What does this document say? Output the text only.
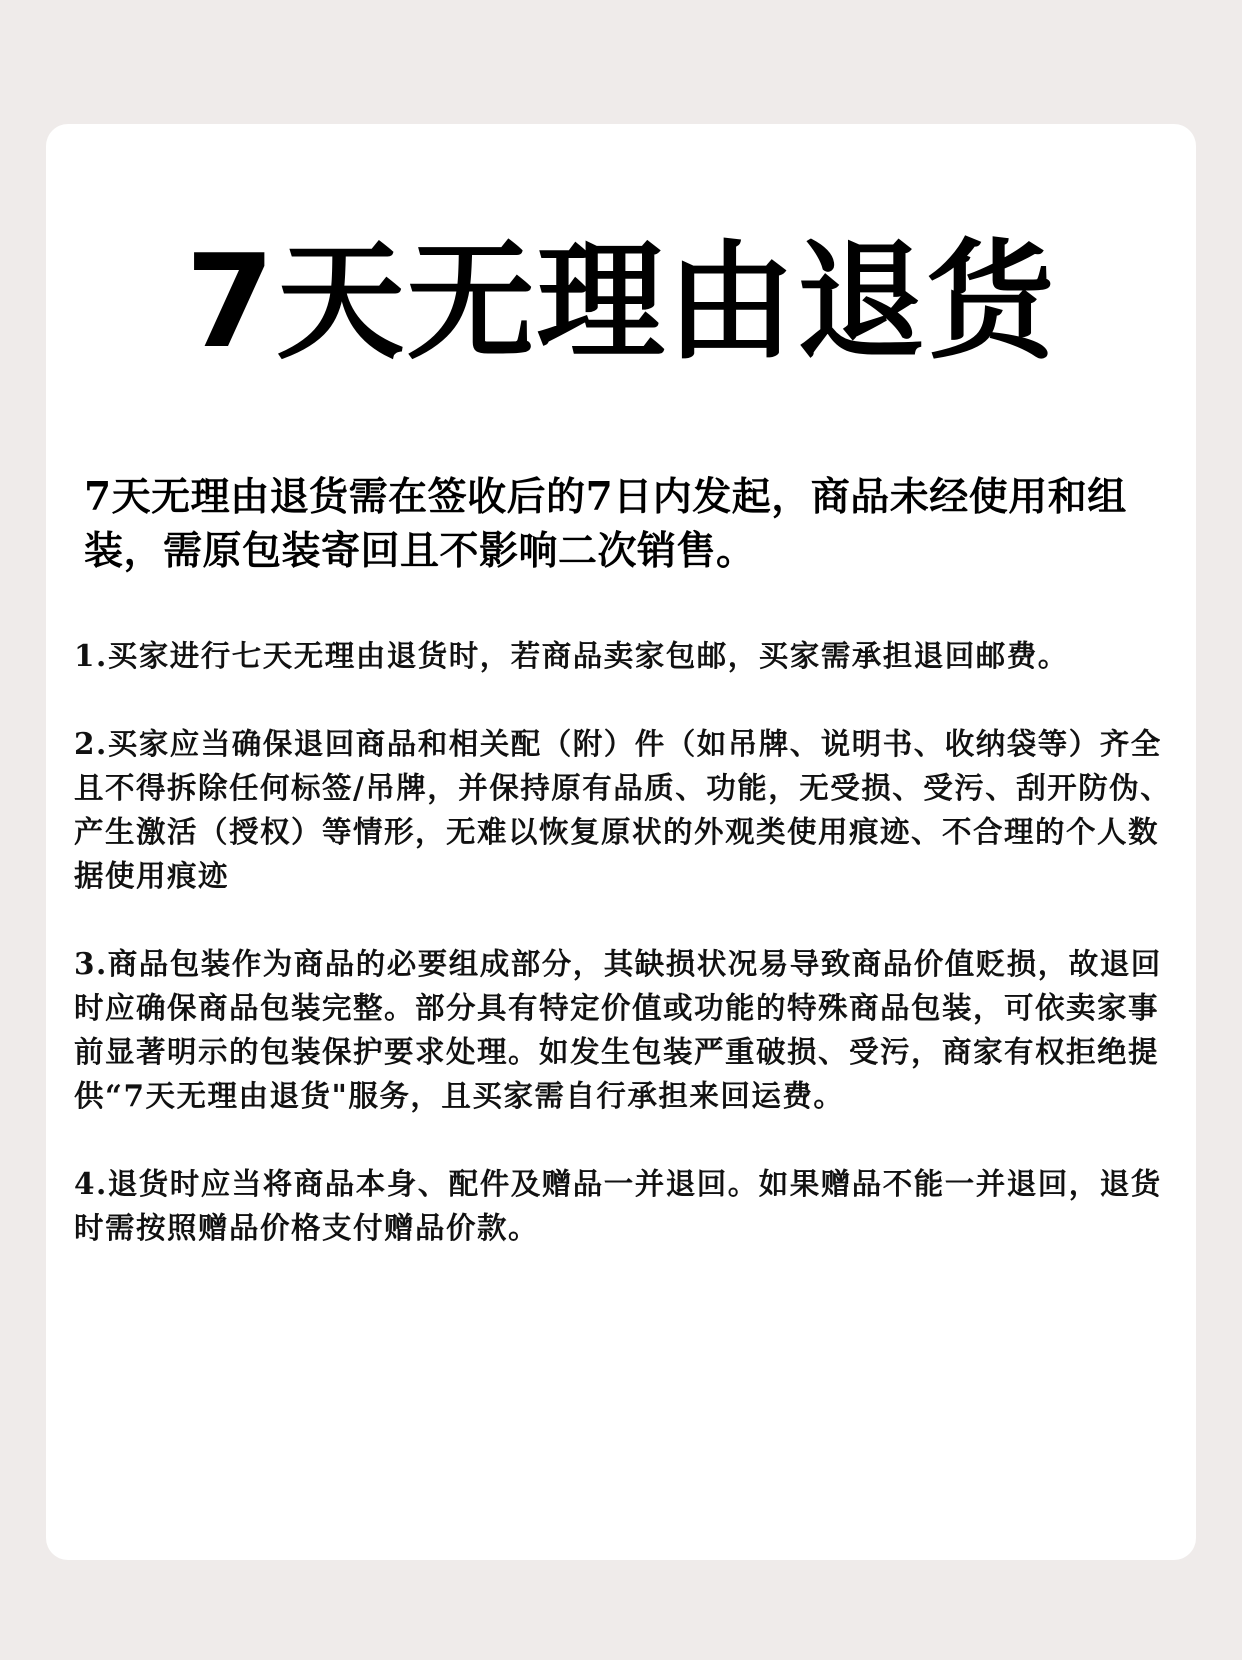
7天无理由退货
7天无理由退货需在签收后的7日内发起，商品未经使用和组装，需原包装寄回且不影响二次销售。
1.买家进行七天无理由退货时，若商品卖家包邮，买家需承担退回邮费。
2.买家应当确保退回商品和相关配（附）件（如吊牌、说明书、收纳袋等）齐全且不得拆除任何标签/吊牌，并保持原有品质、功能，无受损、受污、刮开防伪、产生激活（授权）等情形，无难以恢复原状的外观类使用痕迹、不合理的个人数据使用痕迹
3.商品包装作为商品的必要组成部分，其缺损状况易导致商品价值贬损，故退回时应确保商品包装完整。部分具有特定价值或功能的特殊商品包装，可依卖家事前显著明示的包装保护要求处理。如发生包装严重破损、受污，商家有权拒绝提供“7天无理由退货"服务，且买家需自行承担来回运费。
4.退货时应当将商品本身、配件及赠品一并退回。如果赠品不能一并退回，退货时需按照赠品价格支付赠品价款。
